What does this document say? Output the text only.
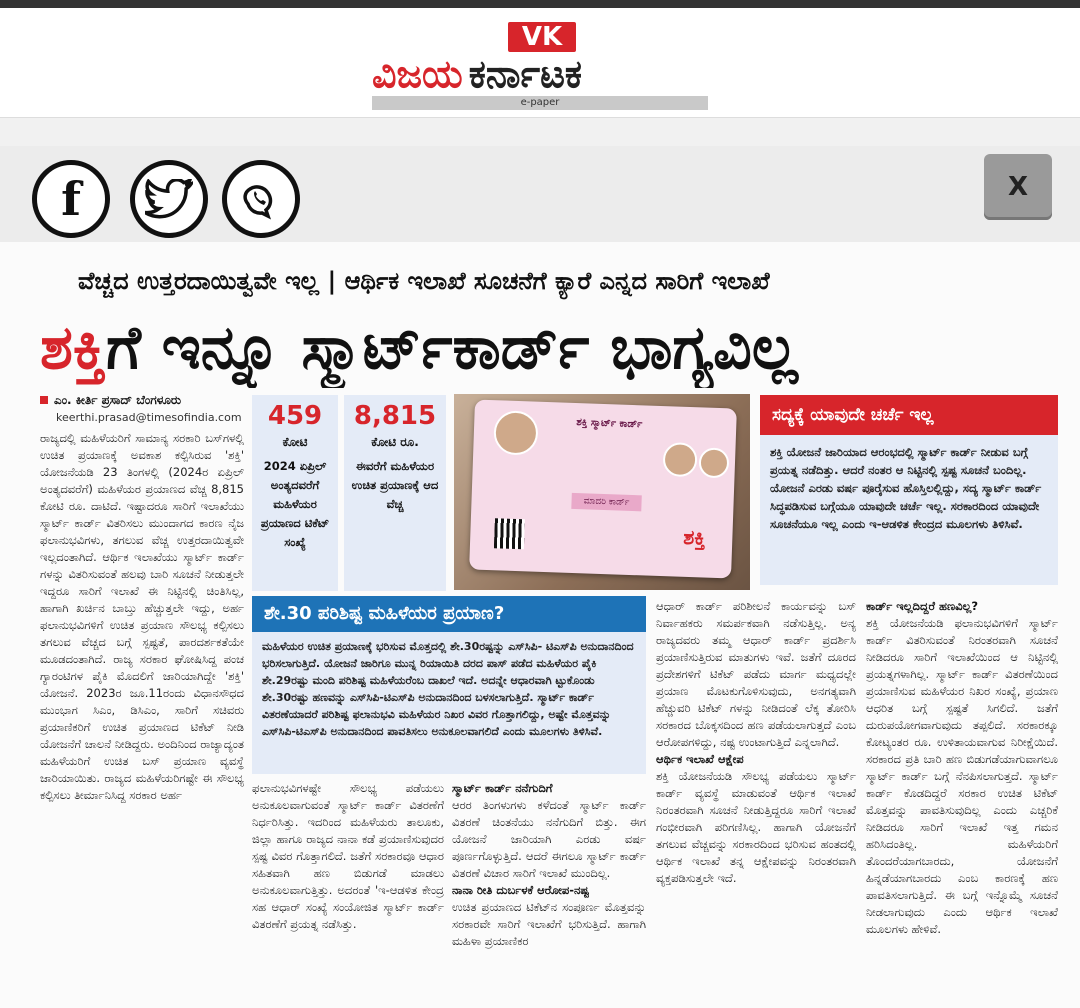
VK
ವಿಜಯ ಕರ್ನಾಟಕ
e-paper
f	X
ವೆಚ್ಚದ ಉತ್ತರದಾಯಿತ್ವವೇ ಇಲ್ಲ | ಆರ್ಥಿಕ ಇಲಾಖೆ ಸೂಚನೆಗೆ ಕ್ಯಾರೆ ಎನ್ನದ ಸಾರಿಗೆ ಇಲಾಖೆ
ಶಕ್ತಿಗೆ ಇನ್ನೂ ಸ್ಮಾರ್ಟ್‌ಕಾರ್ಡ್ ಭಾಗ್ಯವಿಲ್ಲ
ಎಂ. ಕೀರ್ತಿ ಪ್ರಸಾದ್ ಬೆಂಗಳೂರು
keerthi.prasad@timesofindia.com
ರಾಜ್ಯದಲ್ಲಿ ಮಹಿಳೆಯರಿಗೆ ಸಾಮಾನ್ಯ ಸರಕಾರಿ ಬಸ್‌ಗಳಲ್ಲಿ ಉಚಿತ ಪ್ರಯಾಣಕ್ಕೆ ಅವಕಾಶ ಕಲ್ಪಿಸಿರುವ 'ಶಕ್ತಿ' ಯೋಜನೆಯಡಿ 23 ತಿಂಗಳಲ್ಲಿ (2024ರ ಏಪ್ರಿಲ್ ಅಂತ್ಯದವರೆಗೆ) ಮಹಿಳೆಯರ ಪ್ರಯಾಣದ ವೆಚ್ಚ 8,815 ಕೋಟಿ ರೂ. ದಾಟಿದೆ. ಇಷ್ಟಾದರೂ ಸಾರಿಗೆ ಇಲಾಖೆಯು ಸ್ಮಾರ್ಟ್ ಕಾರ್ಡ್ ವಿತರಿಸಲು ಮುಂದಾಗದ ಕಾರಣ ನೈಜ ಫಲಾನುಭವಿಗಳು, ತಗಲುವ ವೆಚ್ಚ ಉತ್ತರದಾಯಿತ್ವವೇ ಇಲ್ಲದಂತಾಗಿದೆ. ಆರ್ಥಿಕ ಇಲಾಖೆಯು ಸ್ಮಾರ್ಟ್ ಕಾರ್ಡ್ ಗಳನ್ನು ವಿತರಿಸುವಂತೆ ಹಲವು ಬಾರಿ ಸೂಚನೆ ನೀಡುತ್ತಲೇ ಇದ್ದರೂ ಸಾರಿಗೆ ಇಲಾಖೆ ಈ ನಿಟ್ಟಿನಲ್ಲಿ ಚಿಂತಿಸಿಲ್ಲ, ಹಾಗಾಗಿ ಖರ್ಚಿನ ಬಾಬ್ತು ಹೆಚ್ಚುತ್ತಲೇ ಇದ್ದು, ಅರ್ಹ ಫಲಾನುಭವಿಗಳಿಗೆ ಉಚಿತ ಪ್ರಯಾಣ ಸೌಲಭ್ಯ ಕಲ್ಪಿಸಲು ತಗಲುವ ವೆಚ್ಚದ ಬಗ್ಗೆ ಸ್ಪಷ್ಟತೆ, ಪಾರದರ್ಶಕತೆಯೇ ಮೂಡದಂತಾಗಿದೆ. ರಾಜ್ಯ ಸರಕಾರ ಘೋಷಿಸಿದ್ದ ಪಂಚ ಗ್ಯಾರಂಟಿಗಳ ಪೈಕಿ ಮೊದಲಿಗೆ ಜಾರಿಯಾಗಿದ್ದೇ 'ಶಕ್ತಿ' ಯೋಜನೆ. 2023ರ ಜೂ.11ರಂದು ವಿಧಾನಸೌಧದ ಮುಂಭಾಗ ಸಿಎಂ, ಡಿಸಿಎಂ, ಸಾರಿಗೆ ಸಚಿವರು ಪ್ರಯಾಣಿಕರಿಗೆ ಉಚಿತ ಪ್ರಯಾಣದ ಟಿಕೆಟ್ ನೀಡಿ ಯೋಜನೆಗೆ ಚಾಲನೆ ನೀಡಿದ್ದರು. ಅಂದಿನಿಂದ ರಾಜ್ಯಾದ್ಯಂತ ಮಹಿಳೆಯರಿಗೆ ಉಚಿತ ಬಸ್ ಪ್ರಯಾಣ ವ್ಯವಸ್ಥೆ ಜಾರಿಯಾಯಿತು. ರಾಜ್ಯದ ಮಹಿಳೆಯರಿಗಷ್ಟೇ ಈ ಸೌಲಭ್ಯ ಕಲ್ಪಿಸಲು ತೀರ್ಮಾನಿಸಿದ್ದ ಸರಕಾರ ಅರ್ಹ
459
ಕೋಟಿ
2024 ಏಪ್ರಿಲ್ ಅಂತ್ಯದವರೆಗೆ ಮಹಿಳೆಯರ ಪ್ರಯಾಣದ ಟಿಕೆಟ್ ಸಂಖ್ಯೆ
8,815
ಕೋಟಿ ರೂ.
ಈವರೆಗೆ ಮಹಿಳೆಯರ ಉಚಿತ ಪ್ರಯಾಣಕ್ಕೆ ಆದ ವೆಚ್ಚ
ಶಕ್ತಿ ಸ್ಮಾರ್ಟ್ ಕಾರ್ಡ್
ಮಾದರಿ ಕಾರ್ಡ್
ಶಕ್ತಿ
ಸದ್ಯಕ್ಕೆ ಯಾವುದೇ ಚರ್ಚೆ ಇಲ್ಲ
ಶಕ್ತಿ ಯೋಜನೆ ಜಾರಿಯಾದ ಆರಂಭದಲ್ಲಿ ಸ್ಮಾರ್ಟ್ ಕಾರ್ಡ್ ನೀಡುವ ಬಗ್ಗೆ ಪ್ರಯತ್ನ ನಡೆದಿತ್ತು. ಆದರೆ ನಂತರ ಆ ನಿಟ್ಟಿನಲ್ಲಿ ಸ್ಪಷ್ಟ ಸೂಚನೆ ಬಂದಿಲ್ಲ. ಯೋಜನೆ ಎರಡು ವರ್ಷ ಪೂರೈಸುವ ಹೊಸ್ತಿಲಲ್ಲಿದ್ದು, ಸದ್ಯ ಸ್ಮಾರ್ಟ್ ಕಾರ್ಡ್ ಸಿದ್ಧಪಡಿಸುವ ಬಗ್ಗೆಯೂ ಯಾವುದೇ ಚರ್ಚೆ ಇಲ್ಲ. ಸರಕಾರದಿಂದ ಯಾವುದೇ ಸೂಚನೆಯೂ ಇಲ್ಲ ಎಂದು ಇ-ಆಡಳಿತ ಕೇಂದ್ರದ ಮೂಲಗಳು ತಿಳಿಸಿವೆ.
ಶೇ.30 ಪರಿಶಿಷ್ಟ ಮಹಿಳೆಯರ ಪ್ರಯಾಣ?
ಮಹಿಳೆಯರ ಉಚಿತ ಪ್ರಯಾಣಕ್ಕೆ ಭರಿಸುವ ಮೊತ್ತದಲ್ಲಿ ಶೇ.30ರಷ್ಟನ್ನು ಎಸ್‌ಸಿಪಿ- ಟಿಎಸ್‌ಪಿ ಅನುದಾನದಿಂದ ಭರಿಸಲಾಗುತ್ತಿದೆ. ಯೋಜನೆ ಜಾರಿಗೂ ಮುನ್ನ ರಿಯಾಯಿತಿ ದರದ ಪಾಸ್ ಪಡೆದ ಮಹಿಳೆಯರ ಪೈಕಿ ಶೇ.29ರಷ್ಟು ಮಂದಿ ಪರಿಶಿಷ್ಟ ಮಹಿಳೆಯರೆಂಬ ದಾಖಲೆ ಇದೆ. ಅದನ್ನೇ ಆಧಾರವಾಗಿ ಟ್ಟುಕೊಂಡು ಶೇ.30ರಷ್ಟು ಹಣವನ್ನು ಎಸ್‌ಸಿಪಿ-ಟಿಎಸ್‌ಪಿ ಅನುದಾನದಿಂದ ಬಳಸಲಾಗುತ್ತಿದೆ. ಸ್ಮಾರ್ಟ್ ಕಾರ್ಡ್ ವಿತರಣೆಯಾದರೆ ಪರಿಶಿಷ್ಟ ಫಲಾನುಭವಿ ಮಹಿಳೆಯರ ನಿಖರ ವಿವರ ಗೊತ್ತಾಗಲಿದ್ದು, ಅಷ್ಟೇ ಮೊತ್ತವನ್ನು ಎಸ್‌ಸಿಪಿ-ಟಿಎಸ್‌ಪಿ ಅನುದಾನದಿಂದ ಪಾವತಿಸಲು ಅನುಕೂಲವಾಗಲಿದೆ ಎಂದು ಮೂಲಗಳು ತಿಳಿಸಿವೆ.
ಫಲಾನುಭವಿಗಳಷ್ಟೇ ಸೌಲಭ್ಯ ಪಡೆಯಲು ಅನುಕೂಲವಾಗುವಂತೆ ಸ್ಮಾರ್ಟ್ ಕಾರ್ಡ್ ವಿತರಣೆಗೆ ನಿರ್ಧರಿಸಿತ್ತು. ಇದರಿಂದ ಮಹಿಳೆಯರು ತಾಲೂಕು, ಜಿಲ್ಲಾ ಹಾಗೂ ರಾಜ್ಯದ ನಾನಾ ಕಡೆ ಪ್ರಯಾಣಿಸುವುದರ ಸ್ಪಷ್ಟ ವಿವರ ಗೊತ್ತಾಗಲಿದೆ. ಜತೆಗೆ ಸರಕಾರವೂ ಆಧಾರ ಸಹಿತವಾಗಿ ಹಣ ಬಿಡುಗಡೆ ಮಾಡಲು ಅನುಕೂಲವಾಗುತ್ತಿತ್ತು. ಅದರಂತೆ 'ಇ-ಆಡಳಿತ ಕೇಂದ್ರ ಸಹ ಆಧಾರ್ ಸಂಖ್ಯೆ ಸಂಯೋಜಿತ ಸ್ಮಾರ್ಟ್ ಕಾರ್ಡ್ ವಿತರಣೆಗೆ ಪ್ರಯತ್ನ ನಡೆಸಿತ್ತು.
ಸ್ಮಾರ್ಟ್ ಕಾರ್ಡ್ ನನೆಗುದಿಗೆ
ಆರರ ತಿಂಗಳುಗಳು ಕಳೆದಂತೆ ಸ್ಮಾರ್ಟ್ ಕಾರ್ಡ್ ವಿತರಣೆ ಚಿಂತನೆಯು ನನೆಗುದಿಗೆ ಬಿತ್ತು. ಈಗ ಯೋಜನೆ ಜಾರಿಯಾಗಿ ಎರಡು ವರ್ಷ ಪೂರ್ಣಗೊಳ್ಳುತ್ತಿದೆ. ಆದರೆ ಈಗಲೂ ಸ್ಮಾರ್ಟ್ ಕಾರ್ಡ್ ವಿತರಣೆ ವಿಚಾರ ಸಾರಿಗೆ ಇಲಾಖೆ ಮುಂದಿಲ್ಲ.
ನಾನಾ ರೀತಿ ದುರ್ಬಳಕೆ ಆರೋಪ-ನಷ್ಟ
ಉಚಿತ ಪ್ರಯಾಣದ ಟಿಕೆಟ್‌ನ ಸಂಪೂರ್ಣ ಮೊತ್ತವನ್ನು ಸರಕಾರವೇ ಸಾರಿಗೆ ಇಲಾಖೆಗೆ ಭರಿಸುತ್ತಿದೆ. ಹಾಗಾಗಿ ಮಹಿಳಾ ಪ್ರಯಾಣಿಕರ
ಆಧಾರ್ ಕಾರ್ಡ್ ಪರಿಶೀಲನೆ ಕಾರ್ಯವನ್ನು ಬಸ್ ನಿರ್ವಾಹಕರು ಸಮರ್ಪಕವಾಗಿ ನಡೆಸುತ್ತಿಲ್ಲ. ಅನ್ಯ ರಾಜ್ಯದವರು ತಮ್ಮ ಆಧಾರ್ ಕಾರ್ಡ್ ಪ್ರದರ್ಶಿಸಿ ಪ್ರಯಾಣಿಸುತ್ತಿರುವ ಮಾತುಗಳು ಇವೆ. ಜತೆಗೆ ದೂರದ ಪ್ರದೇಶಗಳಿಗೆ ಟಿಕೆಟ್ ಪಡೆದು ಮಾರ್ಗ ಮಧ್ಯದಲ್ಲೇ ಪ್ರಯಾಣ ಮೊಟಕುಗೊಳಿಸುವುದು, ಅನಗತ್ಯವಾಗಿ ಹೆಚ್ಚುವರಿ ಟಿಕೆಟ್ ಗಳನ್ನು ನೀಡಿದಂತೆ ಲೆಕ್ಕ ತೋರಿಸಿ ಸರಕಾರದ ಬೊಕ್ಕಸದಿಂದ ಹಣ ಪಡೆಯಲಾಗುತ್ತದೆ ಎಂಬ ಆರೋಪಗಳಿದ್ದು, ನಷ್ಟ ಉಂಟಾಗುತ್ತಿದೆ ಎನ್ನಲಾಗಿದೆ.
ಆರ್ಥಿಕ ಇಲಾಖೆ ಆಕ್ಷೇಪ
ಶಕ್ತಿ ಯೋಜನೆಯಡಿ ಸೌಲಭ್ಯ ಪಡೆಯಲು ಸ್ಮಾರ್ಟ್ ಕಾರ್ಡ್ ವ್ಯವಸ್ಥೆ ಮಾಡುವಂತೆ ಆರ್ಥಿಕ ಇಲಾಖೆ ನಿರಂತರವಾಗಿ ಸೂಚನೆ ನೀಡುತ್ತಿದ್ದರೂ ಸಾರಿಗೆ ಇಲಾಖೆ ಗಂಭೀರವಾಗಿ ಪರಿಗಣಿಸಿಲ್ಲ. ಹಾಗಾಗಿ ಯೋಜನೆಗೆ ತಗಲುವ ವೆಚ್ಚವನ್ನು ಸರಕಾರದಿಂದ ಭರಿಸುವ ಹಂತದಲ್ಲಿ ಆರ್ಥಿಕ ಇಲಾಖೆ ತನ್ನ ಆಕ್ಷೇಪವನ್ನು ನಿರಂತರವಾಗಿ ವ್ಯಕ್ತಪಡಿಸುತ್ತಲೇ ಇದೆ.
ಕಾರ್ಡ್ ಇಲ್ಲದಿದ್ದರೆ ಹಣವಿಲ್ಲ?
ಶಕ್ತಿ ಯೋಜನೆಯಡಿ ಫಲಾನುಭವಿಗಳಿಗೆ ಸ್ಮಾರ್ಟ್ ಕಾರ್ಡ್ ವಿತರಿಸುವಂತೆ ನಿರಂತರವಾಗಿ ಸೂಚನೆ ನೀಡಿದರೂ ಸಾರಿಗೆ ಇಲಾಖೆಯಿಂದ ಆ ನಿಟ್ಟಿನಲ್ಲಿ ಪ್ರಯತ್ನಗಳಾಗಿಲ್ಲ. ಸ್ಮಾರ್ಟ್ ಕಾರ್ಡ್ ವಿತರಣೆಯಿಂದ ಪ್ರಯಾಣಿಸುವ ಮಹಿಳೆಯರ ನಿಖರ ಸಂಖ್ಯೆ, ಪ್ರಯಾಣ ಆಧರಿತ ಬಗ್ಗೆ ಸ್ಪಷ್ಟತೆ ಸಿಗಲಿದೆ. ಜತೆಗೆ ದುರುಪಯೋಗವಾಗುವುದು ತಪ್ಪಲಿದೆ. ಸರಕಾರಕ್ಕೂ ಕೋಟ್ಯಂತರ ರೂ. ಉಳಿತಾಯವಾಗುವ ನಿರೀಕ್ಷೆಯಿದೆ. ಸರಕಾರದ ಪ್ರತಿ ಬಾರಿ ಹಣ ಬಿಡುಗಡೆಯಾಗುವಾಗಲೂ ಸ್ಮಾರ್ಟ್ ಕಾರ್ಡ್ ಬಗ್ಗೆ ನೆನಪಿಸಲಾಗುತ್ತದೆ. ಸ್ಮಾರ್ಟ್ ಕಾರ್ಡ್ ಕೊಡದಿದ್ದರೆ ಸರಕಾರ ಉಚಿತ ಟಿಕೆಟ್ ಮೊತ್ತವನ್ನು ಪಾವತಿಸುವುದಿಲ್ಲ ಎಂದು ಎಚ್ಚರಿಕೆ ನೀಡಿದರೂ ಸಾರಿಗೆ ಇಲಾಖೆ ಇತ್ತ ಗಮನ ಹರಿಸಿದಂತಿಲ್ಲ. ಮಹಿಳೆಯರಿಗೆ ತೊಂದರೆಯಾಗಬಾರದು, ಯೋಜನೆಗೆ ಹಿನ್ನಡೆಯಾಗಬಾರದು ಎಂಬ ಕಾರಣಕ್ಕೆ ಹಣ ಪಾವತಿಸಲಾಗುತ್ತಿದೆ. ಈ ಬಗ್ಗೆ ಇನ್ನೊಮ್ಮೆ ಸೂಚನೆ ನೀಡಲಾಗುವುದು ಎಂದು ಆರ್ಥಿಕ ಇಲಾಖೆ ಮೂಲಗಳು ಹೇಳಿವೆ.
